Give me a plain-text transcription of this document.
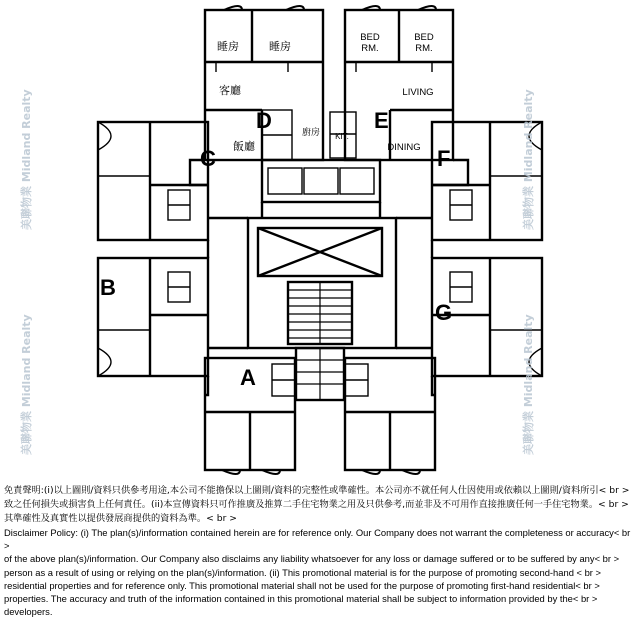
D	E
C	F
B
G
A
睡房	睡房
客廳
飯廳
廚房
BED
RM.
BED
RM.
LIVING
DINING
KIT.
美聯物業 Midland Realty	美聯物業 Midland Realty
美聯物業 Midland Realty	美聯物業 Midland Realty

免責聲明:(i)以上圖則/資料只供參考用途,本公司不能擔保以上圖則/資料的完整性或準確性。本公司亦不就任何人仕因使用或依賴以上圖則/資料所引< br >

致之任何損失或損害負上任何責任。(ii)本宣傳資料只可作推廣及推算二手住宅物業之用及只供參考,而並非及不可用作直接推廣任何一手住宅物業。< br >

其準確性及真實性以提供發展商提供的資料為準。< br >

Disclaimer Policy: (i) The plan(s)/information contained herein are for reference only. Our Company does not warrant the completeness or accuracy< br >

of the above plan(s)/information. Our Company also disclaims any liability whatsoever for any loss or damage suffered or to be suffered by any< br >

person as a result of using or relying on the plan(s)/information. (ii) This promotional material is for the purpose of promoting second-hand < br >

residential properties and for reference only. This promotional material shall not be used for the purpose of promoting first-hand residential< br >

properties. The accuracy and truth of the information contained in this promotional material shall be subject to information provided by the< br >

developers.
